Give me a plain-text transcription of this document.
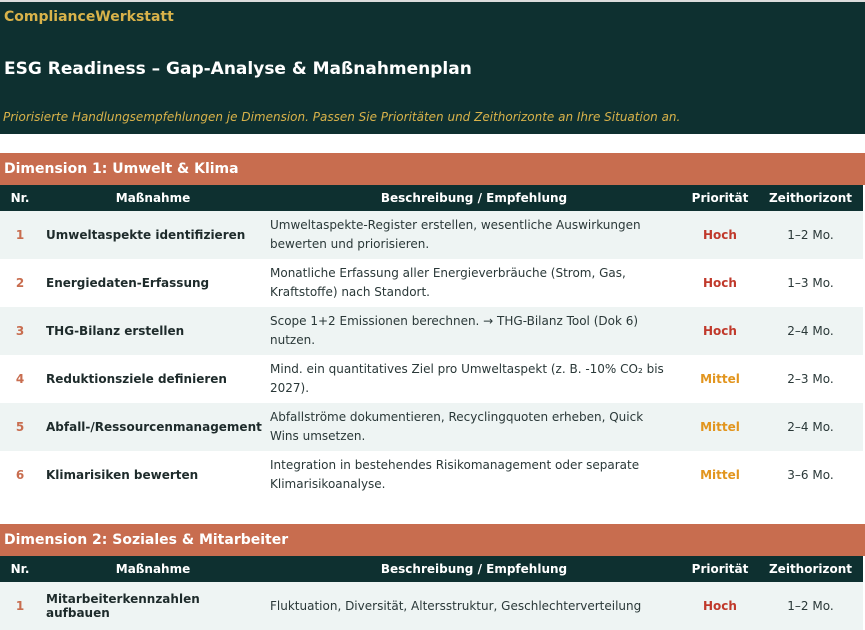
ComplianceWerkstatt
ESG Readiness – Gap-Analyse & Maßnahmenplan
Priorisierte Handlungsempfehlungen je Dimension. Passen Sie Prioritäten und Zeithorizonte an Ihre Situation an.
Dimension 1: Umwelt & Klima
Nr.	Maßnahme	Beschreibung / Empfehlung	Priorität	Zeithorizont
1	Umweltaspekte identifizieren	Umweltaspekte-Register erstellen, wesentliche Auswirkungen bewerten und priorisieren.	Hoch	1–2 Mo.
2	Energiedaten-Erfassung	Monatliche Erfassung aller Energieverbräuche (Strom, Gas, Kraftstoffe) nach Standort.	Hoch	1–3 Mo.
3	THG-Bilanz erstellen	Scope 1+2 Emissionen berechnen. → THG-Bilanz Tool (Dok 6) nutzen.	Hoch	2–4 Mo.
4	Reduktionsziele definieren	Mind. ein quantitatives Ziel pro Umweltaspekt (z. B. -10% CO₂ bis 2027).	Mittel	2–3 Mo.
5	Abfall-/Ressourcenmanagement	Abfallströme dokumentieren, Recyclingquoten erheben, Quick Wins umsetzen.	Mittel	2–4 Mo.
6	Klimarisiken bewerten	Integration in bestehendes Risikomanagement oder separate Klimarisikoanalyse.	Mittel	3–6 Mo.
Dimension 2: Soziales & Mitarbeiter
Nr.	Maßnahme	Beschreibung / Empfehlung	Priorität	Zeithorizont
1	Mitarbeiterkennzahlen aufbauen	Fluktuation, Diversität, Altersstruktur, Geschlechterverteilung	Hoch	1–2 Mo.
